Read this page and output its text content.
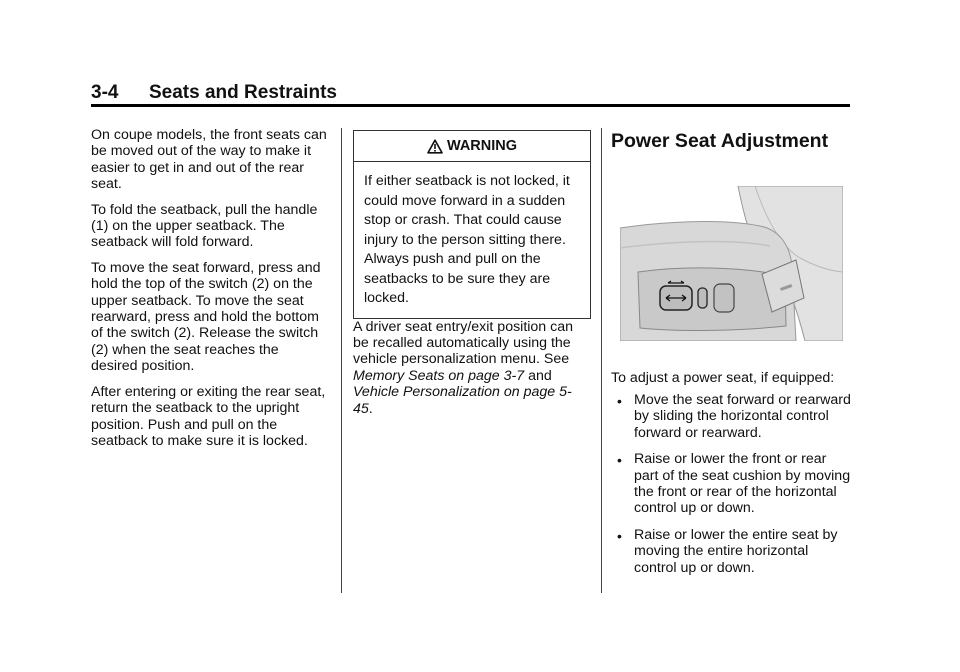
3-4 Seats and Restraints

On coupe models, the front seats can be moved out of the way to make it easier to get in and out of the rear seat.

To fold the seatback, pull the handle (1) on the upper seatback. The seatback will fold forward.

To move the seat forward, press and hold the top of the switch (2) on the upper seatback. To move the seat rearward, press and hold the bottom of the switch (2). Release the switch (2) when the seat reaches the desired position.

After entering or exiting the rear seat, return the seatback to the upright position. Push and pull on the seatback to make sure it is locked.

WARNING
If either seatback is not locked, it could move forward in a sudden stop or crash. That could cause injury to the person sitting there. Always push and pull on the seatbacks to be sure they are locked.

A driver seat entry/exit position can be recalled automatically using the vehicle personalization menu. See Memory Seats on page 3-7 and Vehicle Personalization on page 5-45.

Power Seat Adjustment
To adjust a power seat, if equipped:
• Move the seat forward or rearward by sliding the horizontal control forward or rearward.
• Raise or lower the front or rear part of the seat cushion by moving the front or rear of the horizontal control up or down.
• Raise or lower the entire seat by moving the entire horizontal control up or down.
